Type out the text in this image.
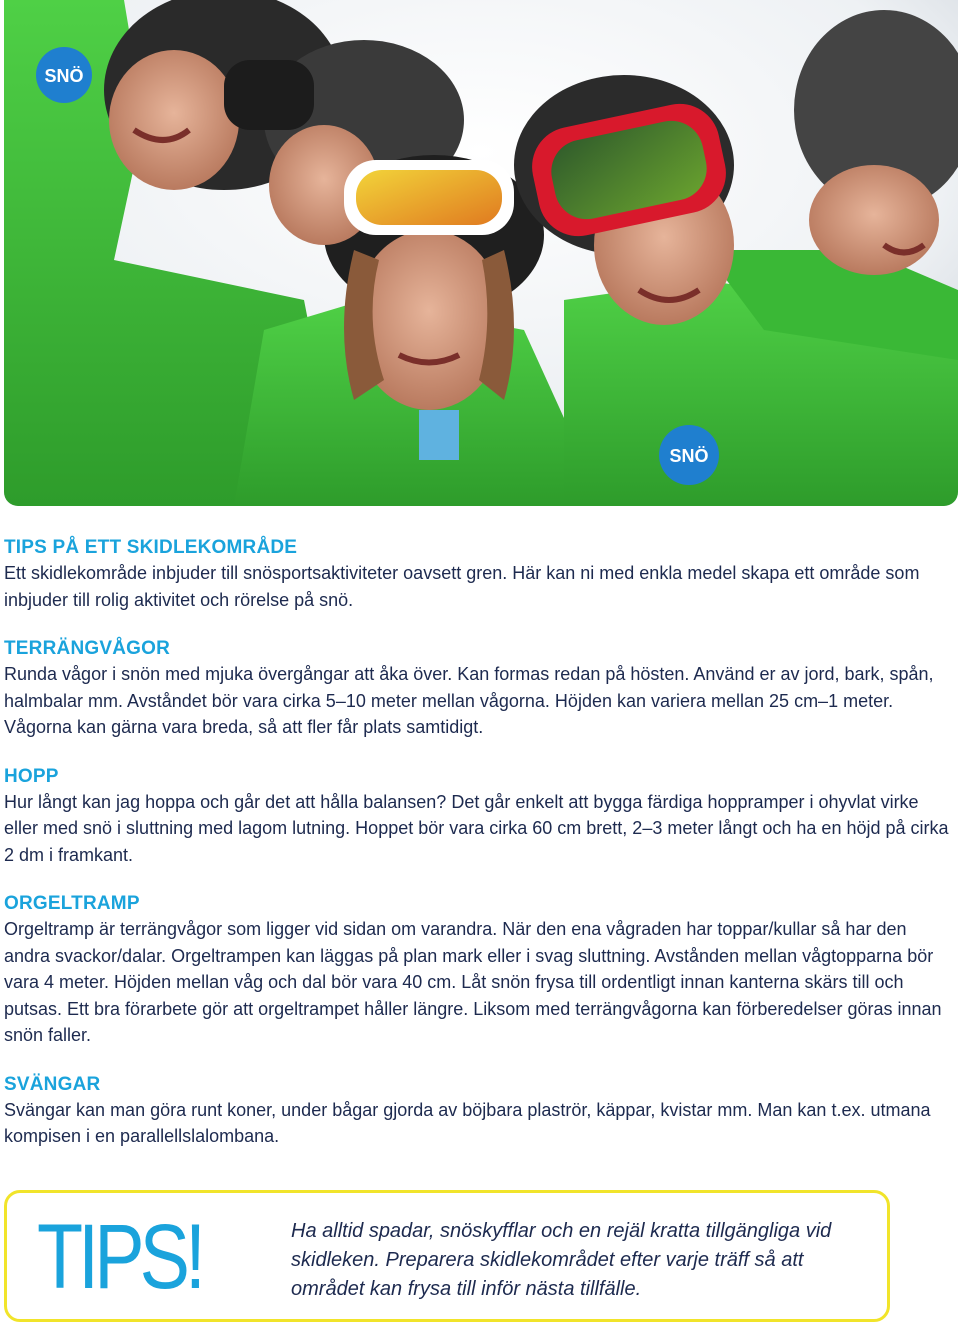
SNÖ
SNÖ
TIPS PÅ ETT SKIDLEKOMRÅDE

Ett skidlekområde inbjuder till snösportsaktiviteter oavsett gren. Här kan ni med enkla medel skapa ett område som inbjuder till rolig aktivitet och rörelse på snö.

TERRÄNGVÅGOR

Runda vågor i snön med mjuka övergångar att åka över. Kan formas redan på hösten. Använd er av jord, bark, spån, halmbalar mm. Avståndet bör vara cirka 5–10 meter mellan vågorna. Höjden kan variera mellan 25 cm–1 meter. Vågorna kan gärna vara breda, så att fler får plats samtidigt.

HOPP

Hur långt kan jag hoppa och går det att hålla balansen? Det går enkelt att bygga färdiga hoppramper i ohyvlat virke eller med snö i sluttning med lagom lutning. Hoppet bör vara cirka 60 cm brett, 2–3 meter långt och ha en höjd på cirka 2 dm i framkant.

ORGELTRAMP

Orgeltramp är terrängvågor som ligger vid sidan om varandra. När den ena vågraden har toppar/kullar så har den andra svackor/dalar. Orgeltrampen kan läggas på plan mark eller i svag sluttning. Avstånden mellan vågtopparna bör vara 4 meter. Höjden mellan våg och dal bör vara 40 cm. Låt snön frysa till ordentligt innan kanterna skärs till och putsas. Ett bra förarbete gör att orgeltrampet håller längre. Liksom med terrängvågorna kan förberedelser göras innan snön faller.

SVÄNGAR

Svängar kan man göra runt koner, under bågar gjorda av böjbara plaströr, käppar, kvistar mm. Man kan t.ex. utmana kompisen i en parallellslalombana.

TIPS!	Ha alltid spadar, snöskyfflar och en rejäl kratta tillgängliga vid skidleken. Preparera skidlekområdet efter varje träff så att området kan frysa till inför nästa tillfälle.
